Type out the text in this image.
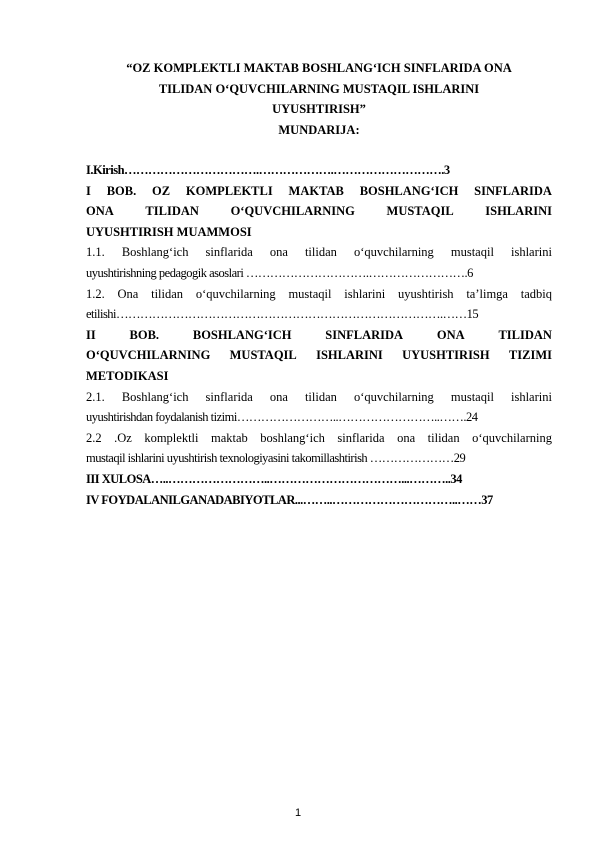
“OZ KOMPLEKTLI MAKTAB BOSHLANG‘ICH SINFLARIDA ONA
TILIDAN O‘QUVCHILARNING MUSTAQIL ISHLARINI
UYUSHTIRISH”
MUNDARIJA:
I.Kirish…………………………….……………….……………………….3
I BOB. OZ KOMPLEKTLI MAKTAB BOSHLANG‘ICH SINFLARIDA
ONA	TILIDAN	O‘QUVCHILARNING	MUSTAQIL	ISHLARINI
UYUSHTIRISH MUAMMOSI
1.1. Boshlang‘ich sinflarida ona tilidan o‘quvchilarning mustaqil ishlarini
uyushtirishning pedagogik asoslari ………………………….…………………….6
1.2. Ona tilidan o‘quvchilarning mustaqil ishlarini uyushtirish ta’limga tadbiq
etilishi……………………………………………………………………….……15
II	BOB.	BOSHLANG‘ICH	SINFLARIDA	ONA	TILIDAN
O‘QUVCHILARNING MUSTAQIL ISHLARINI UYUSHTIRISH TIZIMI
METODIKASI
2.1. Boshlang‘ich sinflarida ona tilidan o‘quvchilarning mustaqil ishlarini
uyushtirishdan foydalanish tizimi……………………..……………………..…….24
2.2 .Oz komplektli maktab boshlang‘ich sinflarida ona tilidan o‘quvchilarning
mustaqil ishlarini uyushtirish texnologiyasini takomillashtirish …………………29
III XULOSA…..……………………..……………………………...………..34
IV FOYDALANILGANADABIYOTLAR...……..…………………………..……37
1
